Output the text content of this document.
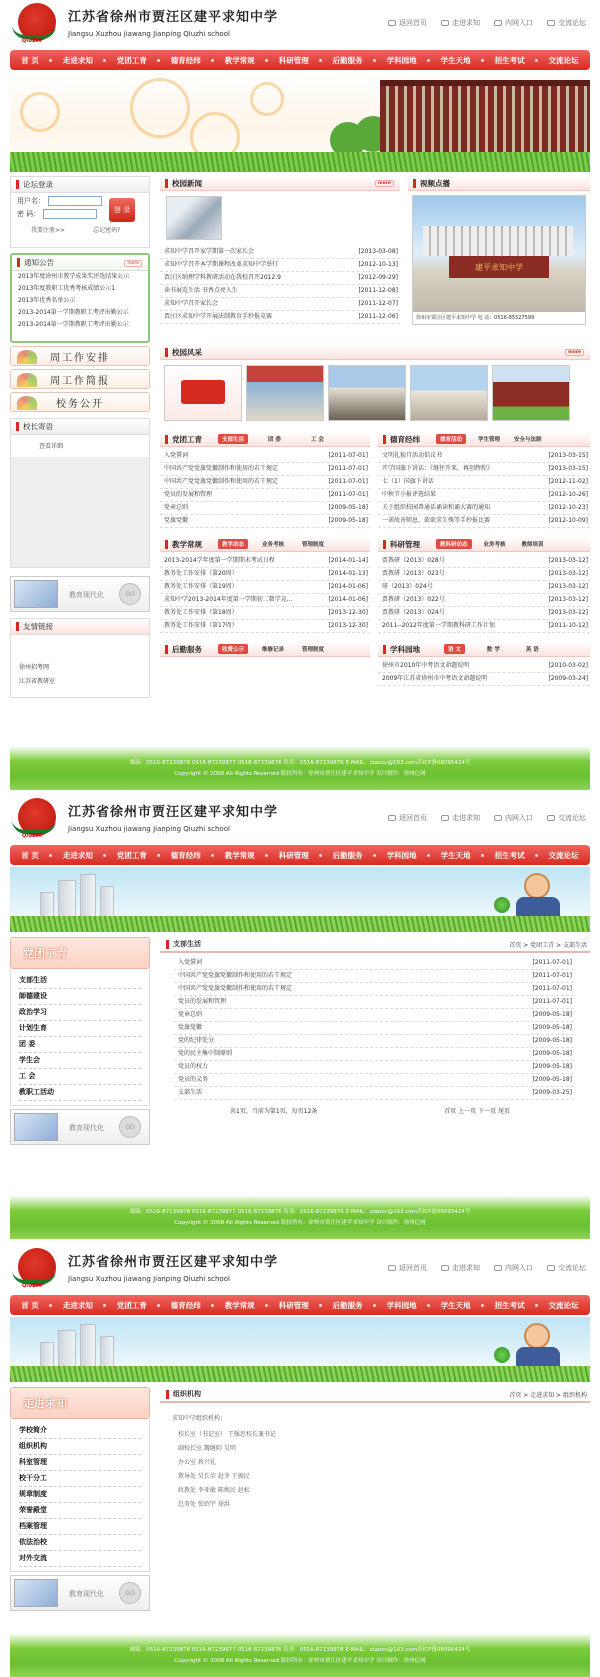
QIUZHI
江苏省徐州市贾汪区建平求知中学
Jiangsu Xuzhou jiawang Jianping Qiuzhi school
返回首页	走进求知	内网入口	交流论坛
首 页	走进求知	党团工青	德育经纬	教学常规	科研管理	后勤服务	学科园地	学生天地	招生考试	交流论坛
论坛登录
用户名：
密 码：	登 录
我要注册>>	忘记密码?
通知公告	more
2013年度徐州市教学成果奖评选结果公示
2013年度教职工优秀考核成绩公示1
2013年优秀名单公示
2013-2014第一学期教职工考评出勤公示
2013-2014第一学期教职工考评出勤公示
周工作安排
周工作简报
校务公开
校长寄语
查看详细
教育现代化	GO
友情链接
徐州招考网
江苏省教研室
校园新闻	more
求知中学召开家学期第一次家长会	[2013-03-08]
求知中学召开本学期课程改革求知中学举行	[2012-10-13]
贾汪区纳理学科教研活动在我校召开2012.9	[2012-09-29]
读书展览生活 书香点亮人生	[2011-12-08]
求知中学召开家长会	[2011-12-07]
贾汪区求知中学开展法制教育手抄报竞赛	[2011-12-06]
视频点播
建平求知中学
徐州市贾汪区建平求知中学 电 话：0516-85527599
校园风采	more
党团工青	支部生活	团 委	工 会
入党誓词	[2011-07-01]
中国共产党党旗党徽制作和使用的若干规定	[2011-07-01]
中国共产党党旗党徽制作和使用的若干规定	[2011-07-01]
党员的发展和管理	[2011-07-01]
党章总则	[2009-05-18]
党旗党徽	[2009-05-18]
德育经纬	德育活动	学生管理	安全与法制
文明礼貌月活动倡议书	[2013-03-15]
开学国旗下讲话：《继往开来，再创辉煌》	[2013-03-15]
七（1）国旗下讲话	[2012-11-02]
中秋节小报评选结果	[2012-10-26]
关于组织校园普通话诵读和诵大赛的通知	[2012-10-23]
一诺故善师息，欲欲求生殊等手抄报比赛	[2012-10-09]
教学常规	教学动态	业务考核	管理制度
2013-2014学年度第一学期期末考试日程	[2014-01-14]
教务处工作安排（第20周）	[2014-01-13]
教务处工作安排（第19周）	[2014-01-06]
求知中学2013-2014年度第一学期初二数学竞...	[2014-01-06]
教务处工作安排（第18周）	[2013-12-30]
教务处工作安排（第17周）	[2013-12-30]
科研管理	教科研动态	业务考核	教师培训
贾教研（2013）028号	[2013-03-12]
贾教研（2013）023号	[2013-03-12]
研（2013）024号	[2013-03-12]
贾教研（2013）022号	[2013-03-12]
贾教研（2013）024号	[2013-03-12]
2011--2012年度第一学期教科研工作计划	[2011-10-12]
后勤服务	收费公示	维修记录	管理制度	学科园地	语 文	数 学	英 语
徐州市2010年中考语文命题说明	[2010-03-02]
2009年江苏省徐州市中考语文命题说明	[2009-03-24]
邮编：0516-87239878 0516-87239877 0516-87239876 传真：0516-87239876 E-MAIL：xiaozu@163.com苏ICP备08095424号
Copyright © 2008 All Rights Reserved 版权所有：徐州市贾汪区建平求知中学 设计制作：徐州亿网
QIUZHI
江苏省徐州市贾汪区建平求知中学
Jiangsu Xuzhou jiawang Jianping Qiuzhi school
返回首页	走进求知	内网入口	交流论坛
首 页	走进求知	党团工青	德育经纬	教学常规	科研管理	后勤服务	学科园地	学生天地	招生考试	交流论坛
党团工青
支部生活
師德建设
政治学习
计划生育
团 委
学生会
工 会
教职工活动
教育现代化	GO
支部生活	首页 > 党团工青 > 支部生活
入党誓词	[2011-07-01]
中国共产党党旗党徽制作和使用的若干规定	[2011-07-01]
中国共产党党旗党徽制作和使用的若干规定	[2011-07-01]
党员的发展和管理	[2011-07-01]
党章总则	[2009-05-18]
党旗党徽	[2009-05-18]
党的纪律处分	[2009-05-18]
党的民主集中制原则	[2009-05-18]
党员的权力	[2009-05-18]
党员的义务	[2009-05-18]
支部生活	[2009-03-25]
共1页，当前为第1页，每页12条	首页 上一页 下一页 尾页
邮编：0516-87239878 0516-87239877 0516-87239876 传真：0516-87239876 E-MAIL：xiaozu@163.com苏ICP备08095424号
Copyright © 2008 All Rights Reserved 版权所有：徐州市贾汪区建平求知中学 设计制作：徐州亿网
QIUZHI
江苏省徐州市贾汪区建平求知中学
Jiangsu Xuzhou jiawang Jianping Qiuzhi school
返回首页	走进求知	内网入口	交流论坛
首 页	走进求知	党团工青	德育经纬	教学常规	科研管理	后勤服务	学科园地	学生天地	招生考试	交流论坛
走进求知
学校简介
组织机构
科室管理
校干分工
规章制度
荣誉殿堂
档案管理
依法治校
对外交流
教育现代化	GO
组织机构	首页 > 走进求知 > 组织机构
求知中学组织机构：
校长室（书记室） 王强思校长兼书记
副校长室 魏继阴 吴明
办公室 蒋兴礼
教导处 吴长荣 赵冬 王振民
政教处 李亚敏 陈焕民 赵松
总务处 张绍宇 徐洪
邮编：0516-87239878 0516-87239877 0516-87239876 传真：0516-87239876 E-MAIL：xiaozu@163.com苏ICP备08095424号
Copyright © 2008 All Rights Reserved 版权所有：徐州市贾汪区建平求知中学 设计制作：徐州亿网
